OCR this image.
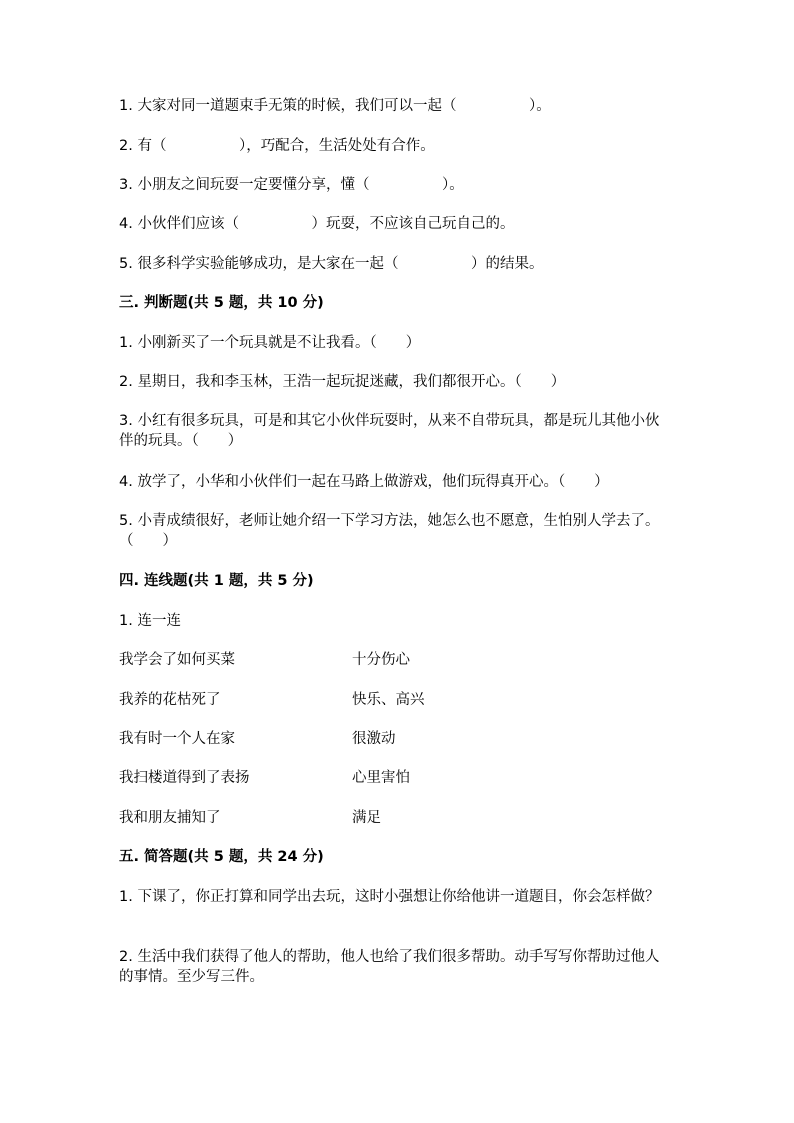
1. 大家对同一道题束手无策的时候，我们可以一起（　　　　　）。
2. 有（　　　　　），巧配合，生活处处有合作。
3. 小朋友之间玩耍一定要懂分享，懂（　　　　　）。
4. 小伙伴们应该（　　　　　）玩耍，不应该自己玩自己的。
5. 很多科学实验能够成功，是大家在一起（　　　　　）的结果。
三. 判断题(共 5 题，共 10 分)
1. 小刚新买了一个玩具就是不让我看。（　　）
2. 星期日，我和李玉林，王浩一起玩捉迷藏，我们都很开心。（　　）
3. 小红有很多玩具，可是和其它小伙伴玩耍时，从来不自带玩具，都是玩儿其他小伙伴的玩具。（　　）
4. 放学了，小华和小伙伴们一起在马路上做游戏，他们玩得真开心。（　　）
5. 小青成绩很好，老师让她介绍一下学习方法，她怎么也不愿意，生怕别人学去了。（　　）
四. 连线题(共 1 题，共 5 分)
1. 连一连
我学会了如何买菜	十分伤心
我养的花枯死了	快乐、高兴
我有时一个人在家	很激动
我扫楼道得到了表扬	心里害怕
我和朋友捕知了	满足
五. 简答题(共 5 题，共 24 分)
1. 下课了，你正打算和同学出去玩，这时小强想让你给他讲一道题目，你会怎样做？
2. 生活中我们获得了他人的帮助，他人也给了我们很多帮助。动手写写你帮助过他人的事情。至少写三件。
